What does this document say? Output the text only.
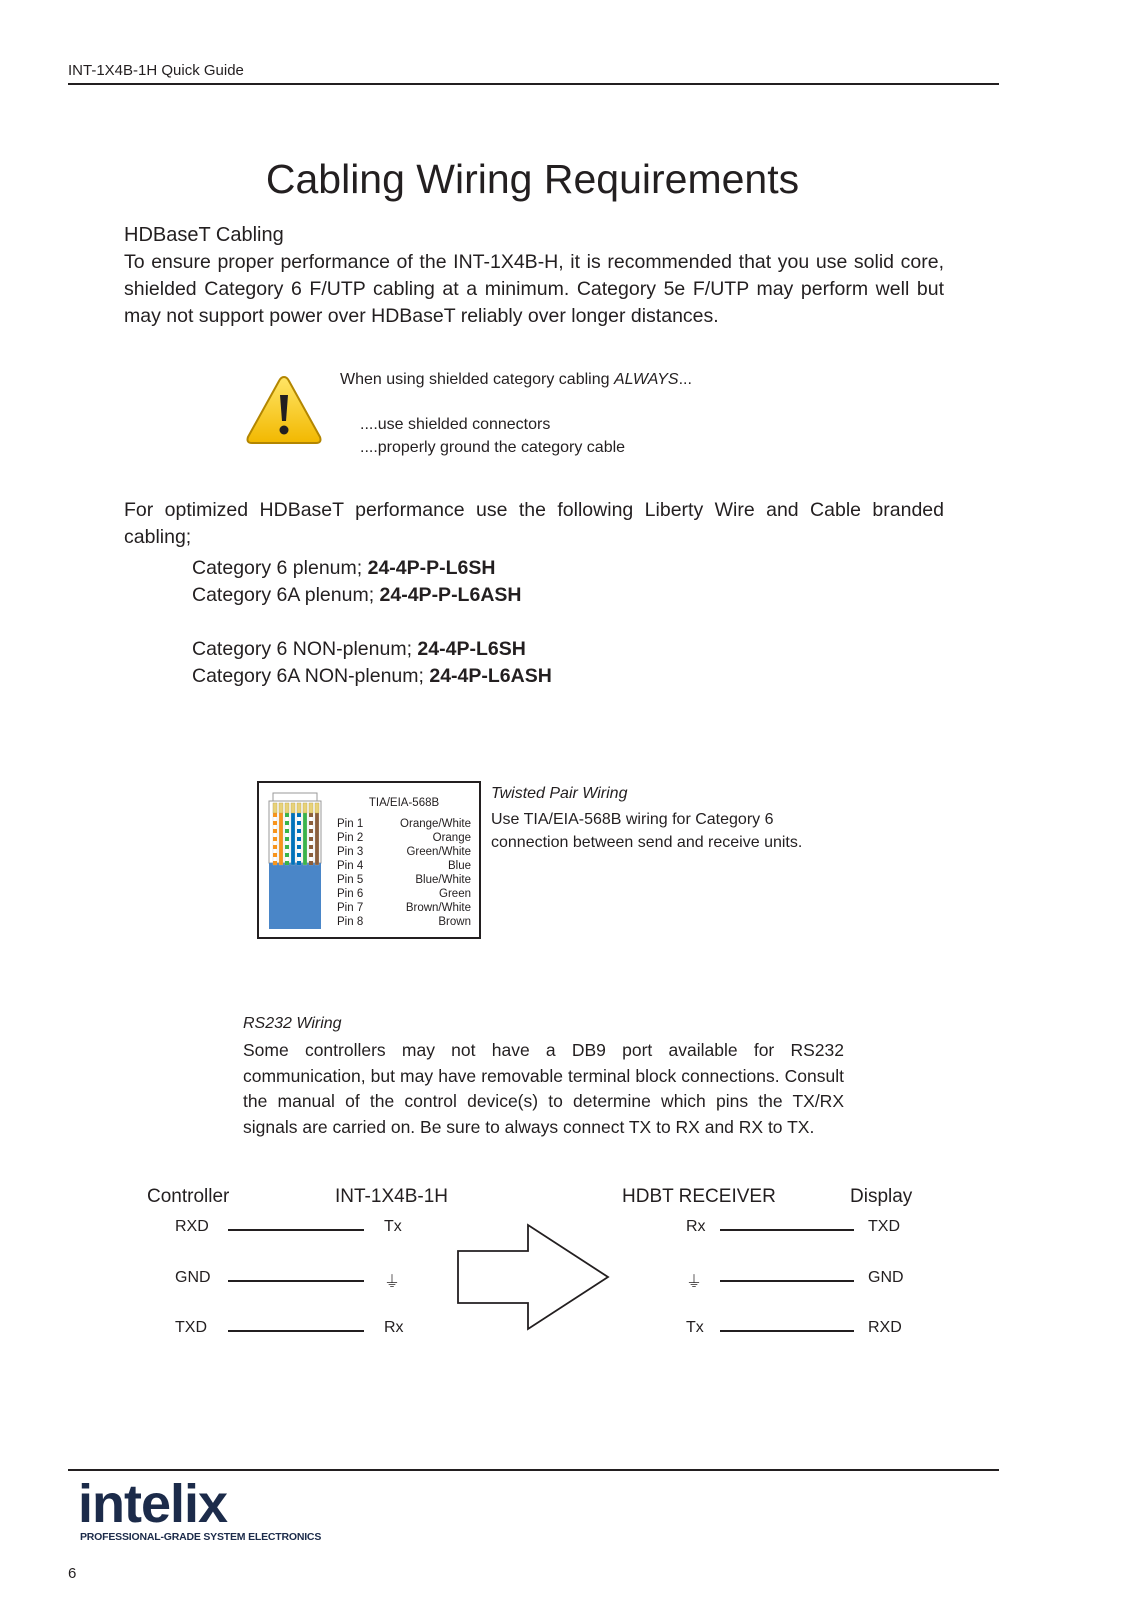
INT-1X4B-1H Quick Guide
Cabling Wiring Requirements
HDBaseT Cabling
To ensure proper performance of the INT-1X4B-H, it is recommended that you use solid core, shielded Category 6 F/UTP cabling at a minimum. Category 5e F/UTP may perform well but may not support power over HDBaseT reliably over longer distances.
When using shielded category cabling ALWAYS...
....use shielded connectors
....properly ground the category cable
For optimized HDBaseT performance use the following Liberty Wire and Cable branded cabling;
Category 6 plenum; 24-4P-P-L6SH
Category 6A plenum; 24-4P-P-L6ASH
Category 6 NON-plenum; 24-4P-L6SH
Category 6A NON-plenum; 24-4P-L6ASH
TIA/EIA-568B
Pin 1	Orange/White
Pin 2	Orange
Pin 3	Green/White
Pin 4	Blue
Pin 5	Blue/White
Pin 6	Green
Pin 7	Brown/White
Pin 8	Brown
Twisted Pair Wiring
Use TIA/EIA-568B wiring for Category 6 connection between send and receive units.
RS232 Wiring
Some controllers may not have a DB9 port available for RS232 communication, but may have removable terminal block connections. Consult the manual of the control device(s) to determine which pins the TX/RX signals are carried on. Be sure to always connect TX to RX and RX to TX.
Controller	INT-1X4B-1H	HDBT RECEIVER	Display
RXD	Tx
GND	⏚
TXD	Rx
Rx	TXD
⏚	GND
Tx	RXD
intelix
PROFESSIONAL-GRADE SYSTEM ELECTRONICS
6
